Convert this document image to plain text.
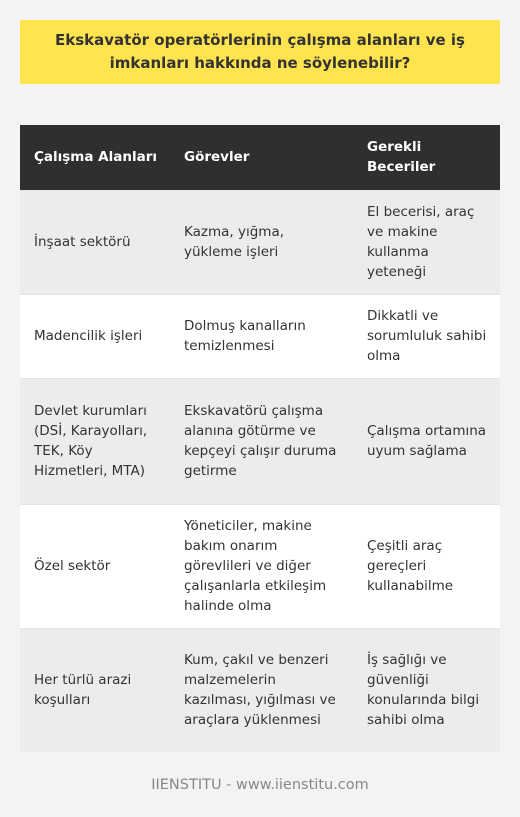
Ekskavatör operatörlerinin çalışma alanları ve iş imkanları hakkında ne söylenebilir?
Çalışma Alanları	Görevler	Gerekli Beceriler
İnşaat sektörü	Kazma, yığma, yükleme işleri	El becerisi, araç ve makine kullanma yeteneği
Madencilik işleri	Dolmuş kanalların temizlenmesi	Dikkatli ve sorumluluk sahibi olma
Devlet kurumları (DSİ, Karayolları, TEK, Köy Hizmetleri, MTA)	Ekskavatörü çalışma alanına götürme ve kepçeyi çalışır duruma getirme	Çalışma ortamına uyum sağlama
Özel sektör	Yöneticiler, makine bakım onarım görevlileri ve diğer çalışanlarla etkileşim halinde olma	Çeşitli araç gereçleri kullanabilme
Her türlü arazi koşulları	Kum, çakıl ve benzeri malzemelerin kazılması, yığılması ve araçlara yüklenmesi	İş sağlığı ve güvenliği konularında bilgi sahibi olma
IIENSTITU - www.iienstitu.com
